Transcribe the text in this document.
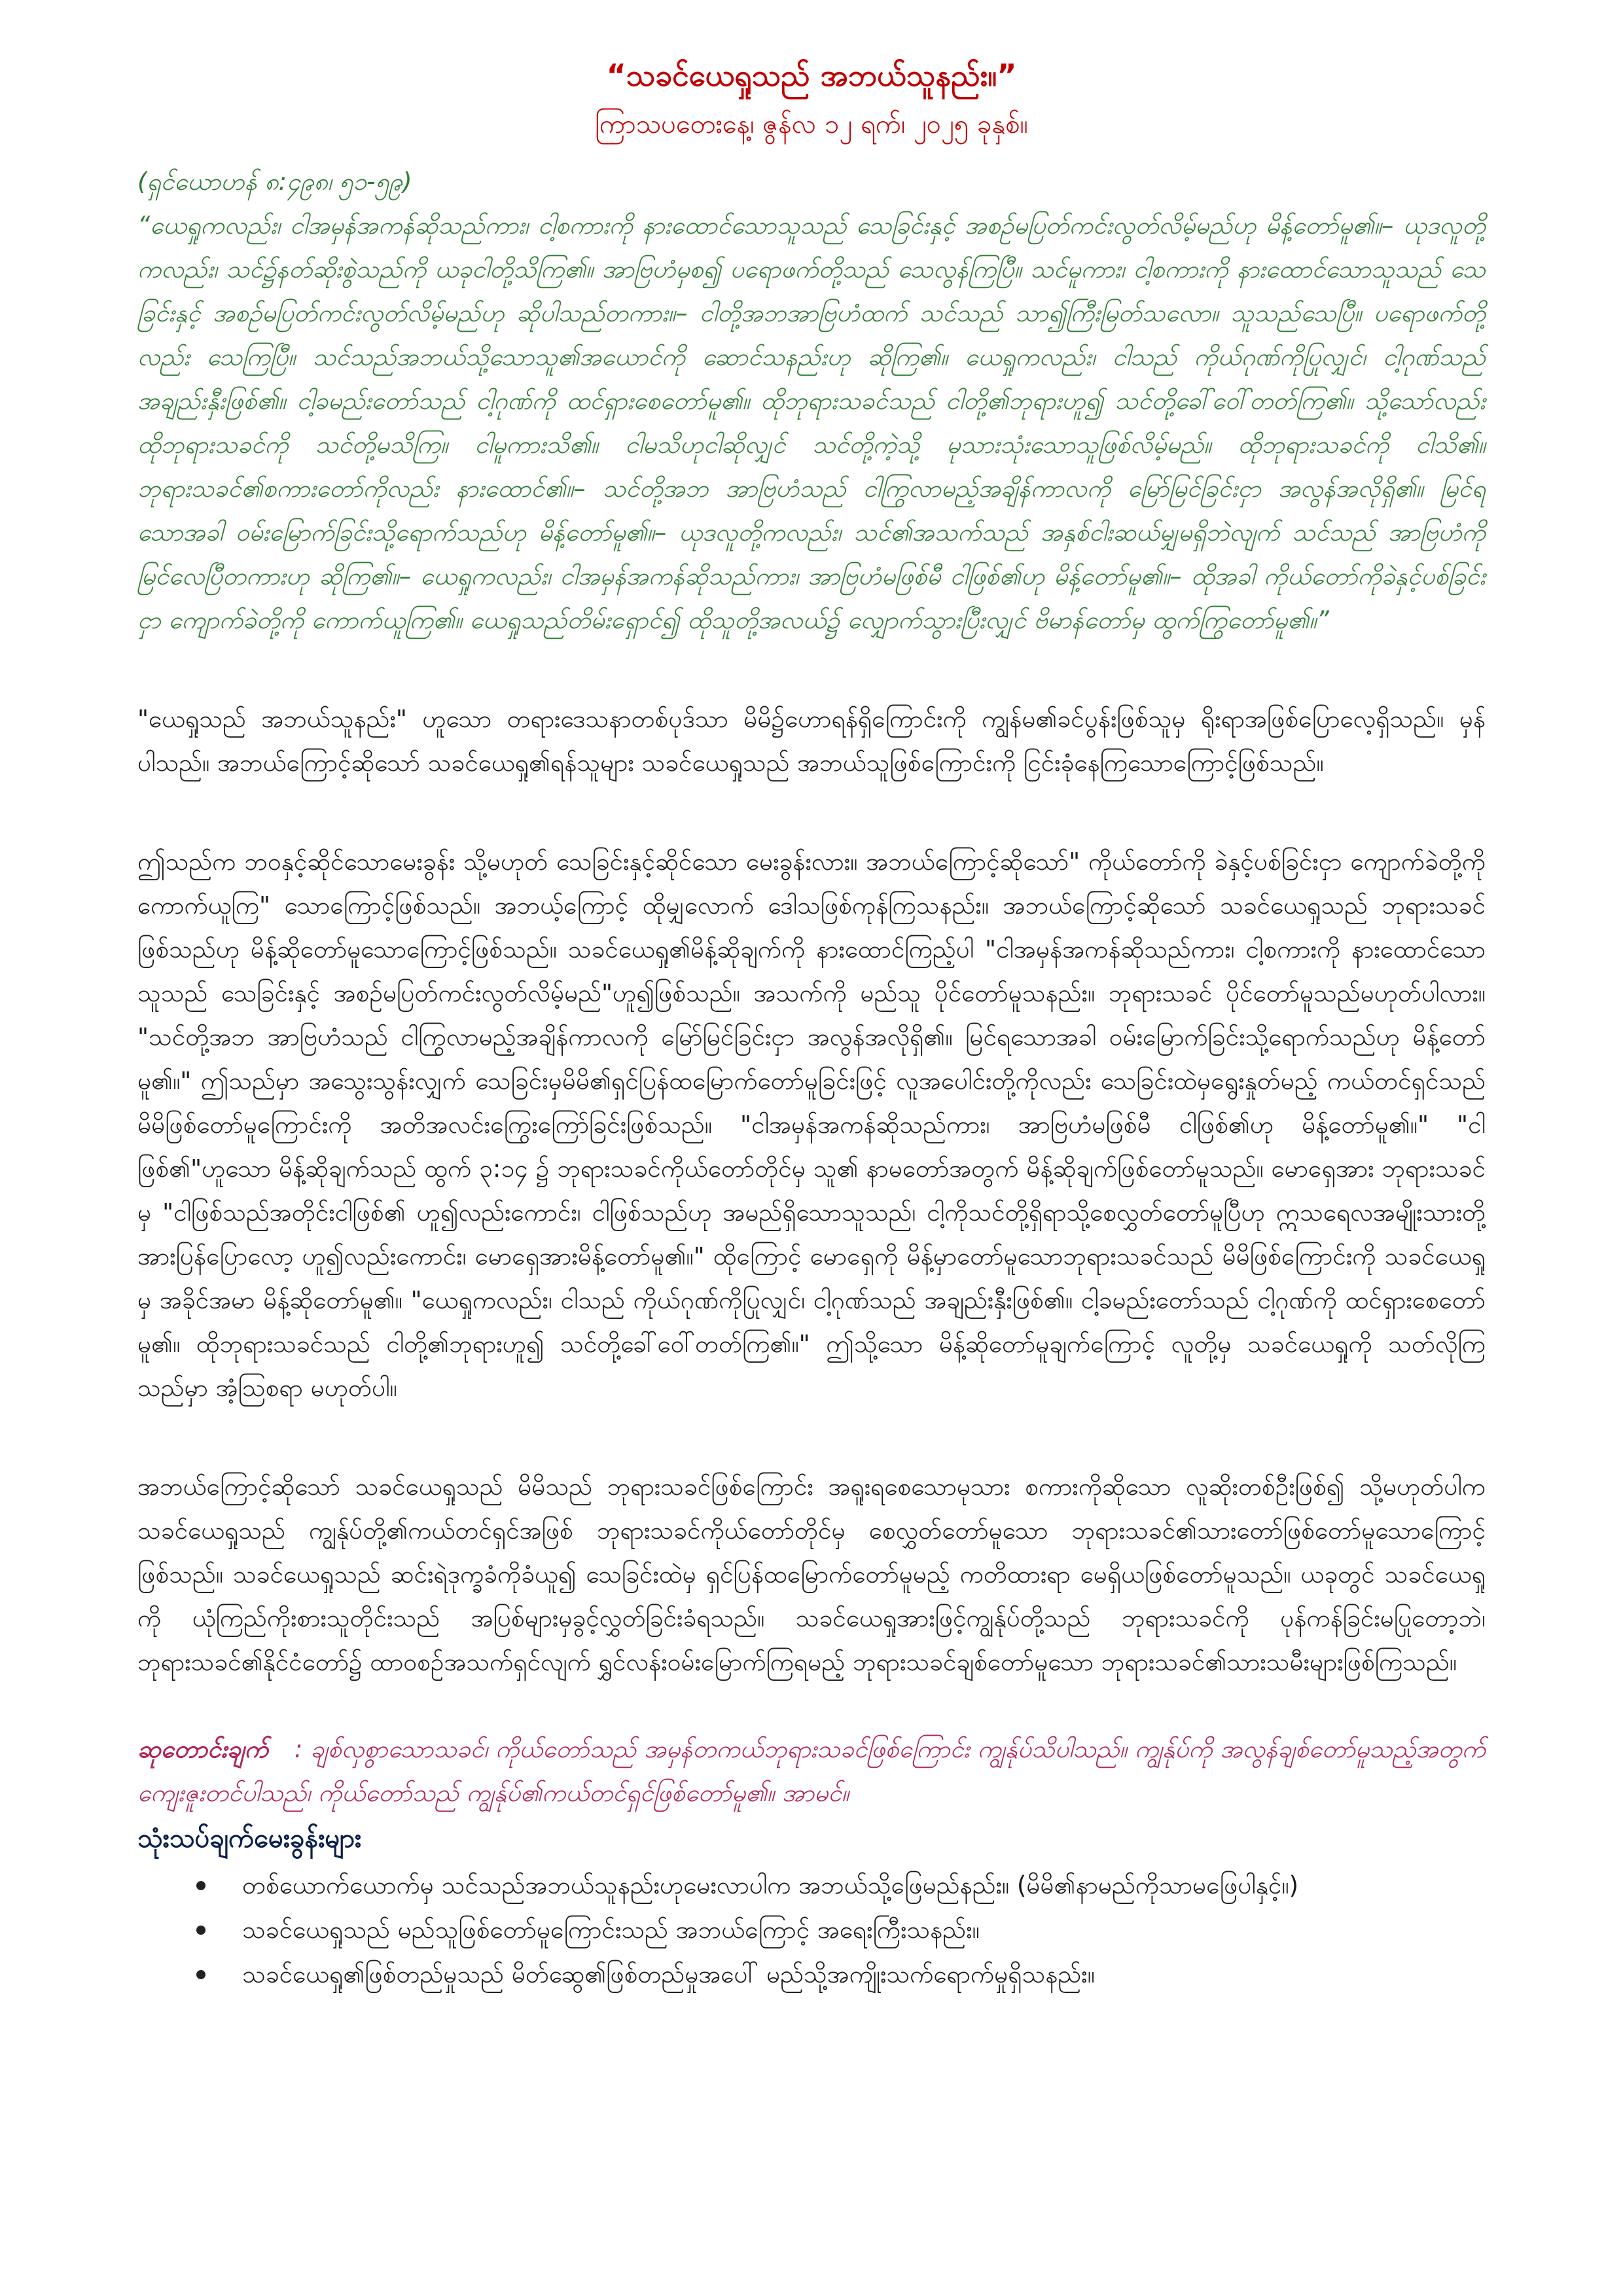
“သခင်ယေရှုသည် အဘယ်သူနည်း။”
ကြာသပတေးနေ့၊ ဇွန်လ ၁၂ ရက်၊ ၂၀၂၅ ခုနှစ်။

(ရှင်ယောဟန် ၈:၄၉၈၊ ၅၁-၅၉)

“ယေရှုကလည်း၊ ငါအမှန်အကန်ဆိုသည်ကား၊ ငါ့စကားကို နားထောင်သောသူသည် သေခြင်းနှင့် အစဉ်မပြတ်ကင်းလွတ်လိမ့်မည်ဟု မိန့်တော်မူ၏။– ယုဒလူတို့ကလည်း၊ သင်၌နတ်ဆိုးစွဲသည်ကို ယခုငါတို့သိကြ၏။ အာဗြဟံမှစ၍ ပရောဖက်တို့သည် သေလွန်ကြပြီ။ သင်မူကား၊ ငါ့စကားကို နားထောင်သောသူသည် သေခြင်းနှင့် အစဉ်မပြတ်ကင်းလွတ်လိမ့်မည်ဟု ဆိုပါသည်တကား။– ငါတို့အဘအာဗြဟံထက် သင်သည် သာ၍ကြီးမြတ်သလော။ သူသည်သေပြီ။ ပရောဖက်တို့လည်း သေကြပြီ။ သင်သည်အဘယ်သို့သောသူ၏အယောင်ကို ဆောင်သနည်းဟု ဆိုကြ၏။ ယေရှုကလည်း၊ ငါသည် ကိုယ်ဂုဏ်ကိုပြုလျှင်၊ ငါ့ဂုဏ်သည် အချည်းနှီးဖြစ်၏။ ငါ့ခမည်းတော်သည် ငါ့ဂုဏ်ကို ထင်ရှားစေတော်မူ၏။ ထိုဘုရားသခင်သည် ငါတို့၏ဘုရားဟူ၍ သင်တို့ခေါ်ဝေါ်တတ်ကြ၏။ သို့သော်လည်း ထိုဘုရားသခင်ကို သင်တို့မသိကြ။ ငါမူကားသိ၏။ ငါမသိဟုငါဆိုလျှင် သင်တို့ကဲ့သို့ မုသားသုံးသောသူဖြစ်လိမ့်မည်။ ထိုဘုရားသခင်ကို ငါသိ၏။ ဘုရားသခင်၏စကားတော်ကိုလည်း နားထောင်၏။– သင်တို့အဘ အာဗြဟံသည် ငါကြွလာမည့်အချိန်ကာလကို မြော်မြင်ခြင်းငှာ အလွန်အလိုရှိ၏။ မြင်ရသောအခါ ဝမ်းမြောက်ခြင်းသို့ရောက်သည်ဟု မိန့်တော်မူ၏။– ယုဒလူတို့ကလည်း၊ သင်၏အသက်သည် အနှစ်ငါးဆယ်မျှမရှိဘဲလျက် သင်သည် အာဗြဟံကို မြင်လေပြီတကားဟု ဆိုကြ၏။– ယေရှုကလည်း၊ ငါအမှန်အကန်ဆိုသည်ကား၊ အာဗြဟံမဖြစ်မီ ငါဖြစ်၏ဟု မိန့်တော်မူ၏။– ထိုအခါ ကိုယ်တော်ကိုခဲနှင့်ပစ်ခြင်းငှာ ကျောက်ခဲတို့ကို ကောက်ယူကြ၏။ ယေရှုသည်တိမ်းရှောင်၍ ထိုသူတို့အလယ်၌ လျှောက်သွားပြီးလျှင် ဗိမာန်တော်မှ ထွက်ကြွတော်မူ၏။”

"ယေရှုသည် အဘယ်သူနည်း" ဟူသော တရားဒေသနာတစ်ပုဒ်သာ မိမိ၌ဟောရန်ရှိကြောင်းကို ကျွန်မ၏ခင်ပွန်းဖြစ်သူမှ ရိုးရာအဖြစ်ပြောလေ့ရှိသည်။ မှန်ပါသည်။ အဘယ်ကြောင့်ဆိုသော် သခင်ယေရှု၏ရန်သူများ သခင်ယေရှုသည် အဘယ်သူဖြစ်ကြောင်းကို ငြင်းခုံနေကြသောကြောင့်ဖြစ်သည်။

ဤသည်က ဘဝနှင့်ဆိုင်သောမေးခွန်း သို့မဟုတ် သေခြင်းနှင့်ဆိုင်သော မေးခွန်းလား။ အဘယ်ကြောင့်ဆိုသော်" ကိုယ်တော်ကို ခဲနှင့်ပစ်ခြင်းငှာ ကျောက်ခဲတို့ကို ကောက်ယူကြ" သောကြောင့်ဖြစ်သည်။ အဘယ့်ကြောင့် ထိုမျှလောက် ဒေါသဖြစ်ကုန်ကြသနည်း။ အဘယ်ကြောင့်ဆိုသော် သခင်ယေရှုသည် ဘုရားသခင်ဖြစ်သည်ဟု မိန့်ဆိုတော်မူသောကြောင့်ဖြစ်သည်။ သခင်ယေရှု၏မိန့်ဆိုချက်ကို နားထောင်ကြည့်ပါ "ငါအမှန်အကန်ဆိုသည်ကား၊ ငါ့စကားကို နားထောင်သောသူသည် သေခြင်းနှင့် အစဉ်မပြတ်ကင်းလွတ်လိမ့်မည်"ဟူ၍ဖြစ်သည်။ အသက်ကို မည်သူ ပိုင်တော်မူသနည်း။ ဘုရားသခင် ပိုင်တော်မူသည်မဟုတ်ပါလား။ "သင်တို့အဘ အာဗြဟံသည် ငါကြွလာမည့်အချိန်ကာလကို မြော်မြင်ခြင်းငှာ အလွန်အလိုရှိ၏။ မြင်ရသောအခါ ဝမ်းမြောက်ခြင်းသို့ရောက်သည်ဟု မိန့်တော်မူ၏။" ဤသည်မှာ အသွေးသွန်းလျှက် သေခြင်းမှမိမိ၏ရှင်ပြန်ထမြောက်တော်မူခြင်းဖြင့် လူအပေါင်းတို့ကိုလည်း သေခြင်းထဲမှရွေးနှုတ်မည့် ကယ်တင်ရှင်သည် မိမိဖြစ်တော်မူကြောင်းကို အတိအလင်းကြွေးကြော်ခြင်းဖြစ်သည်။ "ငါအမှန်အကန်ဆိုသည်ကား၊ အာဗြဟံမဖြစ်မီ ငါဖြစ်၏ဟု မိန့်တော်မူ၏။" "ငါဖြစ်၏"ဟူသော မိန့်ဆိုချက်သည် ထွက် ၃:၁၄ ၌ ဘုရားသခင်ကိုယ်တော်တိုင်မှ သူ၏ နာမတော်အတွက် မိန့်ဆိုချက်ဖြစ်တော်မူသည်။ မောရှေအား ဘုရားသခင်မှ "ငါဖြစ်သည်အတိုင်းငါဖြစ်၏ ဟူ၍လည်းကောင်း၊ ငါဖြစ်သည်ဟု အမည်ရှိသောသူသည်၊ ငါ့ကိုသင်တို့ရှိရာသို့စေလွှတ်တော်မူပြီဟု ဣသရေလအမျိုးသားတို့အားပြန်ပြောလော့ ဟူ၍လည်းကောင်း၊ မောရှေအားမိန့်တော်မူ၏။" ထိုကြောင့် မောရှေကို မိန့်မှာတော်မူသောဘုရားသခင်သည် မိမိဖြစ်ကြောင်းကို သခင်ယေရှုမှ အခိုင်အမာ မိန့်ဆိုတော်မူ၏။ "ယေရှုကလည်း၊ ငါသည် ကိုယ်ဂုဏ်ကိုပြုလျှင်၊ ငါ့ဂုဏ်သည် အချည်းနှီးဖြစ်၏။ ငါ့ခမည်းတော်သည် ငါ့ဂုဏ်ကို ထင်ရှားစေတော်မူ၏။ ထိုဘုရားသခင်သည် ငါတို့၏ဘုရားဟူ၍ သင်တို့ခေါ်ဝေါ်တတ်ကြ၏။" ဤသို့သော မိန့်ဆိုတော်မူချက်ကြောင့် လူတို့မှ သခင်ယေရှုကို သတ်လိုကြသည်မှာ အံ့သြစရာ မဟုတ်ပါ။

အဘယ်ကြောင့်ဆိုသော် သခင်ယေရှုသည် မိမိသည် ဘုရားသခင်ဖြစ်ကြောင်း အရူးရစေသောမုသား စကားကိုဆိုသော လူဆိုးတစ်ဦးဖြစ်၍ သို့မဟုတ်ပါက သခင်ယေရှုသည် ကျွန်ုပ်တို့၏ကယ်တင်ရှင်အဖြစ် ဘုရားသခင်ကိုယ်တော်တိုင်မှ စေလွှတ်တော်မူသော ဘုရားသခင်၏သားတော်ဖြစ်တော်မူသောကြောင့်ဖြစ်သည်။ သခင်ယေရှုသည် ဆင်းရဲဒုက္ခခံကိုခံယူ၍ သေခြင်းထဲမှ ရှင်ပြန်ထမြောက်တော်မူမည့် ကတိထားရာ မေရှိယဖြစ်တော်မူသည်။ ယခုတွင် သခင်ယေရှုကို ယုံကြည်ကိုးစားသူတိုင်းသည် အပြစ်များမှခွင့်လွှတ်ခြင်းခံရသည်။ သခင်ယေရှုအားဖြင့်ကျွန်ုပ်တို့သည် ဘုရားသခင်ကို ပုန်ကန်ခြင်းမပြုတော့ဘဲ၊ ဘုရားသခင်၏နိုင်ငံတော်၌ ထာဝစဉ်အသက်ရှင်လျက် ရွှင်လန်းဝမ်းမြောက်ကြရမည့် ဘုရားသခင်ချစ်တော်မူသော ဘုရားသခင်၏သားသမီးများဖြစ်ကြသည်။

ဆုတောင်းချက် : ချစ်လှစွာသောသခင်၊ ကိုယ်တော်သည် အမှန်တကယ်ဘုရားသခင်ဖြစ်ကြောင်း ကျွန်ုပ်သိပါသည်။ ကျွန်ုပ်ကို အလွန်ချစ်တော်မူသည့်အတွက်ကျေးဇူးတင်ပါသည်၊ ကိုယ်တော်သည် ကျွန်ုပ်၏ကယ်တင်ရှင်ဖြစ်တော်မူ၏။ အာမင်။

သုံးသပ်ချက်မေးခွန်းများ
တစ်ယောက်ယောက်မှ သင်သည်အဘယ်သူနည်းဟုမေးလာပါက အဘယ်သို့ဖြေမည်နည်း။ (မိမိ၏နာမည်ကိုသာမဖြေပါနှင့်။)
သခင်ယေရှုသည် မည်သူဖြစ်တော်မူကြောင်းသည် အဘယ်ကြောင့် အရေးကြီးသနည်း။
သခင်ယေရှု၏ဖြစ်တည်မှုသည် မိတ်ဆွေ၏ဖြစ်တည်မှုအပေါ် မည်သို့အကျိုးသက်ရောက်မှုရှိသနည်း။
